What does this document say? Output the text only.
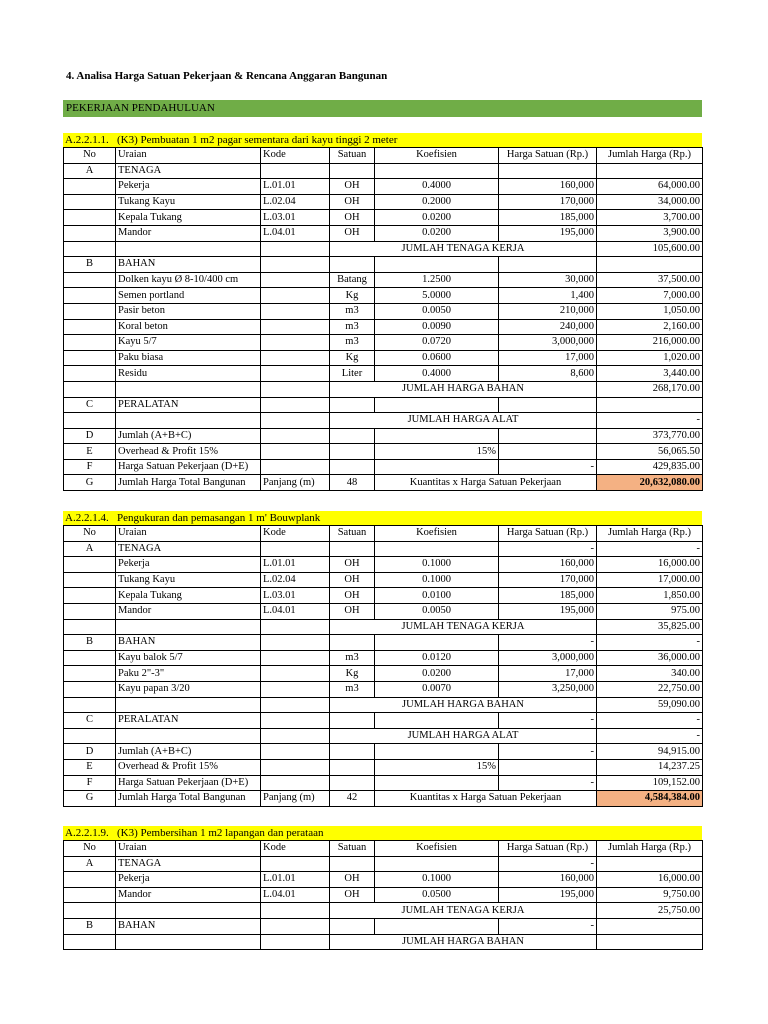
4. Analisa Harga Satuan Pekerjaan & Rencana Anggaran Bangunan
PEKERJAAN PENDAHULUAN
A.2.2.1.1. (K3) Pembuatan 1 m2 pagar sementara dari kayu tinggi 2 meter
No	Uraian	Kode	Satuan	Koefisien	Harga Satuan (Rp.)	Jumlah Harga (Rp.)
A	TENAGA					
	Pekerja	L.01.01	OH	0.4000	160,000	64,000.00
	Tukang Kayu	L.02.04	OH	0.2000	170,000	34,000.00
	Kepala Tukang	L.03.01	OH	0.0200	185,000	3,700.00
	Mandor	L.04.01	OH	0.0200	195,000	3,900.00
			JUMLAH TENAGA KERJA			105,600.00
B	BAHAN					
	Dolken kayu Ø 8-10/400 cm		Batang	1.2500	30,000	37,500.00
	Semen portland		Kg	5.0000	1,400	7,000.00
	Pasir beton		m3	0.0050	210,000	1,050.00
	Koral beton		m3	0.0090	240,000	2,160.00
	Kayu 5/7		m3	0.0720	3,000,000	216,000.00
	Paku biasa		Kg	0.0600	17,000	1,020.00
	Residu		Liter	0.4000	8,600	3,440.00
			JUMLAH HARGA BAHAN			268,170.00
C	PERALATAN					
			JUMLAH HARGA ALAT			-
D	Jumlah (A+B+C)					373,770.00
E	Overhead & Profit 15%			15%		56,065.50
F	Harga Satuan Pekerjaan (D+E)				-	429,835.00
G	Jumlah Harga Total Bangunan	Panjang (m)	48	Kuantitas x Harga Satuan Pekerjaan		20,632,080.00
A.2.2.1.4. Pengukuran dan pemasangan 1 m' Bouwplank
No	Uraian	Kode	Satuan	Koefisien	Harga Satuan (Rp.)	Jumlah Harga (Rp.)
A	TENAGA				-	-
	Pekerja	L.01.01	OH	0.1000	160,000	16,000.00
	Tukang Kayu	L.02.04	OH	0.1000	170,000	17,000.00
	Kepala Tukang	L.03.01	OH	0.0100	185,000	1,850.00
	Mandor	L.04.01	OH	0.0050	195,000	975.00
			JUMLAH TENAGA KERJA			35,825.00
B	BAHAN				-	-
	Kayu balok 5/7		m3	0.0120	3,000,000	36,000.00
	Paku 2"-3"		Kg	0.0200	17,000	340.00
	Kayu papan 3/20		m3	0.0070	3,250,000	22,750.00
			JUMLAH HARGA BAHAN			59,090.00
C	PERALATAN				-	-
			JUMLAH HARGA ALAT			-
D	Jumlah (A+B+C)				-	94,915.00
E	Overhead & Profit 15%			15%		14,237.25
F	Harga Satuan Pekerjaan (D+E)				-	109,152.00
G	Jumlah Harga Total Bangunan	Panjang (m)	42	Kuantitas x Harga Satuan Pekerjaan		4,584,384.00
A.2.2.1.9. (K3) Pembersihan 1 m2 lapangan dan perataan
No	Uraian	Kode	Satuan	Koefisien	Harga Satuan (Rp.)	Jumlah Harga (Rp.)
A	TENAGA				-	
	Pekerja	L.01.01	OH	0.1000	160,000	16,000.00
	Mandor	L.04.01	OH	0.0500	195,000	9,750.00
			JUMLAH TENAGA KERJA			25,750.00
B	BAHAN				-	
			JUMLAH HARGA BAHAN			
